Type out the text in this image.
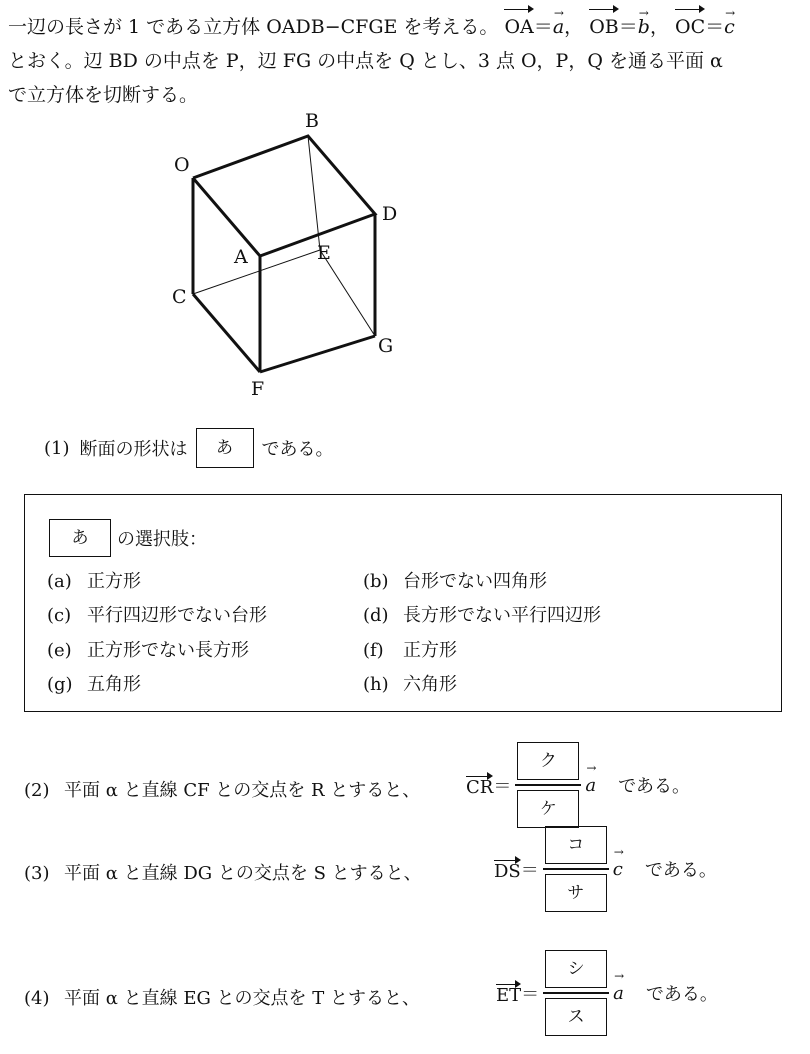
一辺の長さが 1 である立方体 OADB−CFGE を考える。 OA＝a →， OB＝b →， OC＝c →
とおく。辺 BD の中点を P，辺 FG の中点を Q とし、3 点 O，P，Q を通る平面 α
で立方体を切断する。
B
O
D
A	E
C
G
F
(1) 断面の形状は	あ	である。
あ	の選択肢：
(a) 正方形	(b) 台形でない四角形
(c) 平行四辺形でない台形	(d) 長方形でない平行四辺形
(e) 正方形でない長方形	(f) 正方形
(g) 五角形	(h) 六角形
(2) 平面 α と直線 CF との交点を R とすると、	CR ＝ $\frac{\text{ク}}{\text{ケ}}$ a → である。
(3) 平面 α と直線 DG との交点を S とすると、	DS ＝ $\frac{\text{コ}}{\text{サ}}$ c → である。
(4) 平面 α と直線 EG との交点を T とすると、	ET ＝ $\frac{\text{シ}}{\text{ス}}$ a → である。
